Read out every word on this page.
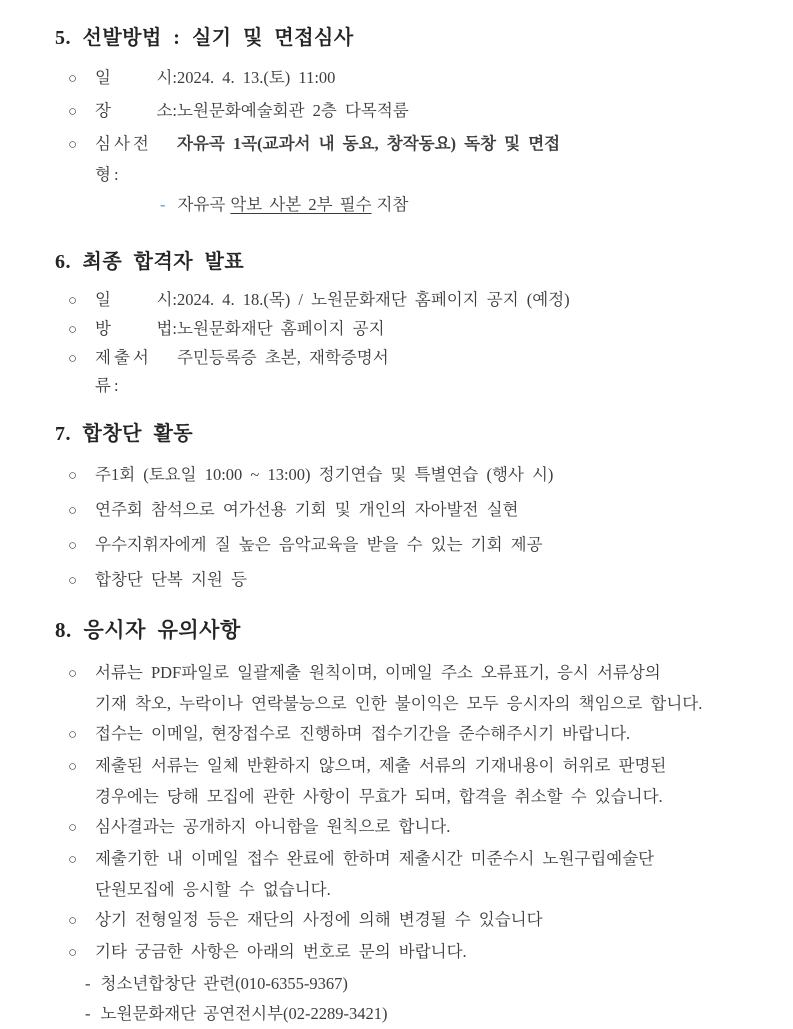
5. 선발방법 : 실기 및 면접심사
○	일	시: 2024. 4. 13.(토) 11:00
○	장	소: 노원문화예술회관 2층 다목적룸
○	심사전형:
자유곡 1곡(교과서 내 동요, 창작동요) 독창 및 면접
- 자유곡 악보 사본 2부 필수 지참
6. 최종 합격자 발표
○	일	시: 2024. 4. 18.(목) / 노원문화재단 홈페이지 공지 (예정)
○	방	법: 노원문화재단 홈페이지 공지
○	제출서류:
주민등록증 초본, 재학증명서
7. 합창단 활동
○	주1회 (토요일 10:00 ~ 13:00) 정기연습 및 특별연습 (행사 시)
○	연주회 참석으로 여가선용 기회 및 개인의 자아발전 실현
○	우수지휘자에게 질 높은 음악교육을 받을 수 있는 기회 제공
○	합창단 단복 지원 등
8. 응시자 유의사항
○	서류는 PDF파일로 일괄제출 원칙이며, 이메일 주소 오류표기, 응시 서류상의
기재 착오, 누락이나 연락불능으로 인한 불이익은 모두 응시자의 책임으로 합니다.
○	접수는 이메일, 현장접수로 진행하며 접수기간을 준수해주시기 바랍니다.
○	제출된 서류는 일체 반환하지 않으며, 제출 서류의 기재내용이 허위로 판명된
경우에는 당해 모집에 관한 사항이 무효가 되며, 합격을 취소할 수 있습니다.
○	심사결과는 공개하지 아니함을 원칙으로 합니다.
○	제출기한 내 이메일 접수 완료에 한하며 제출시간 미준수시 노원구립예술단
단원모집에 응시할 수 없습니다.
○	상기 전형일정 등은 재단의 사정에 의해 변경될 수 있습니다
○	기타 궁금한 사항은 아래의 번호로 문의 바랍니다.
- 청소년합창단 관련(010-6355-9367)
- 노원문화재단 공연전시부(02-2289-3421)
